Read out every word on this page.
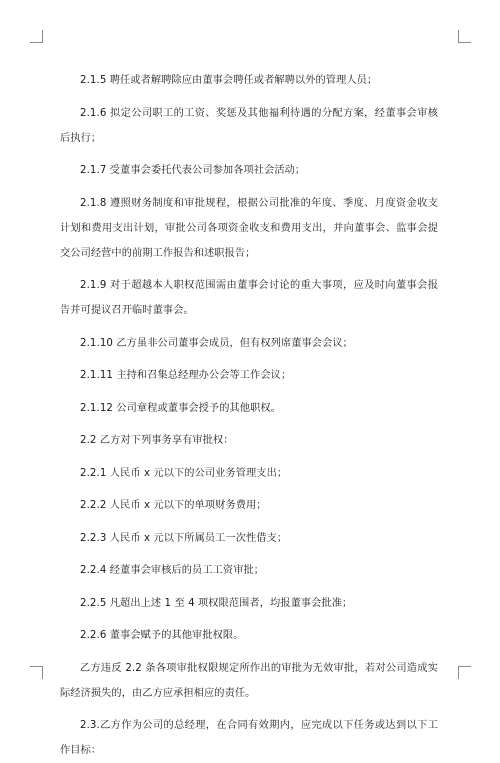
2.1.5 聘任或者解聘除应由董事会聘任或者解聘以外的管理人员；

2.1.6 拟定公司职工的工资、奖惩及其他福利待遇的分配方案，经董事会审核后执行；

2.1.7 受董事会委托代表公司参加各项社会活动；

2.1.8 遵照财务制度和审批规程，根据公司批准的年度、季度、月度资金收支计划和费用支出计划，审批公司各项资金收支和费用支出，并向董事会、监事会提交公司经营中的前期工作报告和述职报告；

2.1.9 对于超越本人职权范围需由董事会讨论的重大事项，应及时向董事会报告并可提议召开临时董事会。

2.1.10 乙方虽非公司董事会成员，但有权列席董事会会议；

2.1.11 主持和召集总经理办公会等工作会议；

2.1.12 公司章程或董事会授予的其他职权。

2.2 乙方对下列事务享有审批权：

2.2.1 人民币 x 元以下的公司业务管理支出；

2.2.2 人民币 x 元以下的单项财务费用；

2.2.3 人民币 x 元以下所属员工一次性借支；

2.2.4 经董事会审核后的员工工资审批；

2.2.5 凡超出上述 1 至 4 项权限范围者，均报董事会批准；

2.2.6 董事会赋予的其他审批权限。

乙方违反 2.2 条各项审批权限规定所作出的审批为无效审批，若对公司造成实际经济损失的，由乙方应承担相应的责任。

2.3.乙方作为公司的总经理，在合同有效期内，应完成以下任务或达到以下工作目标：
